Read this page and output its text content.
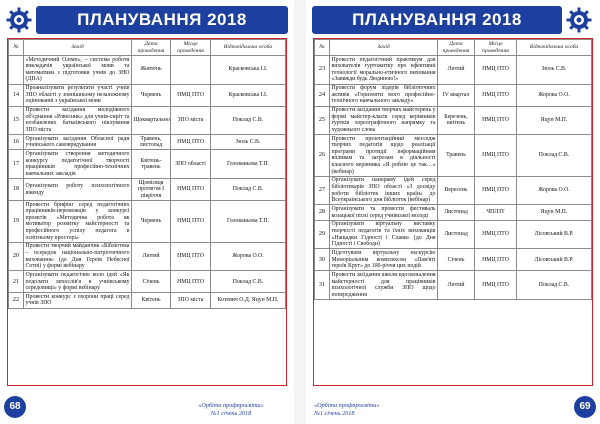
ПЛАНУВАННЯ 2018
№	Захід	Дата проведення	Місце проведення	Відповідальна особа
	«Методичний Олімп», – система роботи викладачів української мови та математики з підготовки учнів до ЗНО (ДПА)	Жовтень		Красковська І.І.
14	Проаналізувати результати участі учнів ЗПО області у зовнішньому незалежному оцінюванні з української мови	Червень	НМЦ ПТО	Красковська І.І.
15	Провести засідання молодіжного об'єднання «Ровесник» для учнів-сиріт та позбавлених батьківського піклування ЗПО міста	Щоквартально	ЗПО міста	Поклад С.В.
16	Організувати засідання Обласної ради учнівського самоврядування	Травень, листопад	НМЦ ПТО	Зюль С.В.
17	Організувати створення методичного конкурсу педагогічної творчості працівників професійно-технічних навчальних закладів	Квітень-травень	ЗПО області	Голованьова Т.П.
18	Організувати роботу психологічного вікенду	Щомісяця протягом І півріччя	НМЦ ПТО	Поклад С.В.
19	Провести брифінг серед педагогічних працівників-переможців у конкурсі проектів «Методична робота як мотиватор розвитку майстерності та професійного успіху педагога в освітньому просторі»	Червень	НМЦ ПТО	Голованьова Т.П.
20	Провести творчий майданчик «Бібліотека – осередок національно-патріотичного виховання» (до Дня Героїв Небесної Сотні) у формі вебінару	Лютий	НМЦ ПТО	Жорова О.О.
21	Організувати педагогічне коло ідей «Як подолати лихослів'я в учнівському середовищі» у формі вебінару	Січень	НМЦ ПТО	Поклад С.В.
22	Провести конкурс з охорони праці серед учнів ЗПО	Квітень	ЗПО міста	Котевич О.Д. Яцун М.П.
68	«Орбіта профпросвіти»
№1 січень 2018
ПЛАНУВАННЯ 2018
№	Захід	Дата проведення	Місце проведення	Відповідальна особа
23	Провести педагогічний практикум для вихователів гуртожитку про ефективні технології морально-етичного виховання «Заввжди будь Людиною!»	Лютий	НМЦ ПТО	Зюль С.В.
24	Провести форум лідерів бібліотечних активів «Горизонти мого професійно-технічного навчального закладу»	IV квартал	НМЦ ПТО	Жорова О.О.
25	Провести засідання творчих майстерень у формі майстер-класів серед керівників гуртків хореографічного напрямку та художнього слова	Березень, квітень	НМЦ ПТО	Яцун М.П.
26	Провести презентаційний месседж творчих педагогів щодо реалізації програми протидії інформаційним впливам та загрозам в діяльності класного керівника «Я роблю це так…» (вебінар)	Травень	НМЦ ПТО	Поклад С.В.
27	Організувати панораму ідей серед бібліотекарів ЗПО області «З досвіду роботи бібліотек інших країн» до Всеукраїнського дня бібліотек (вебінар)	Вересень	НМЦ ПТО	Жорова О.О.
28	Організувати та провести фестиваль козацької пісні серед учнівської молоді	Листопад	ЧПЛЗТ	Яцун М.П.
29	Організувати віртуальну виставку творчості педагогів та їхніх вихованців «Нащадки Гідності і Слави» (до Дня Гідності і Свободи)	Листопад	НМЦ ПТО	Лісовський В.Р.
30	Підготувати віртуальну екскурсію Меморіальним комплексом «Пам'яті героїв Крут» до 100-річчя цих подій	Січень	НМЦ ПТО	Лісовський В.Р.
31	Провести засідання школи вдосконалення майстерності для працівників психологічної служби ЗПО щодо попередження	Лютий	НМЦ ПТО	Поклад С.В.
69
«Орбіта профпросвіти»
№1 січень 2018
